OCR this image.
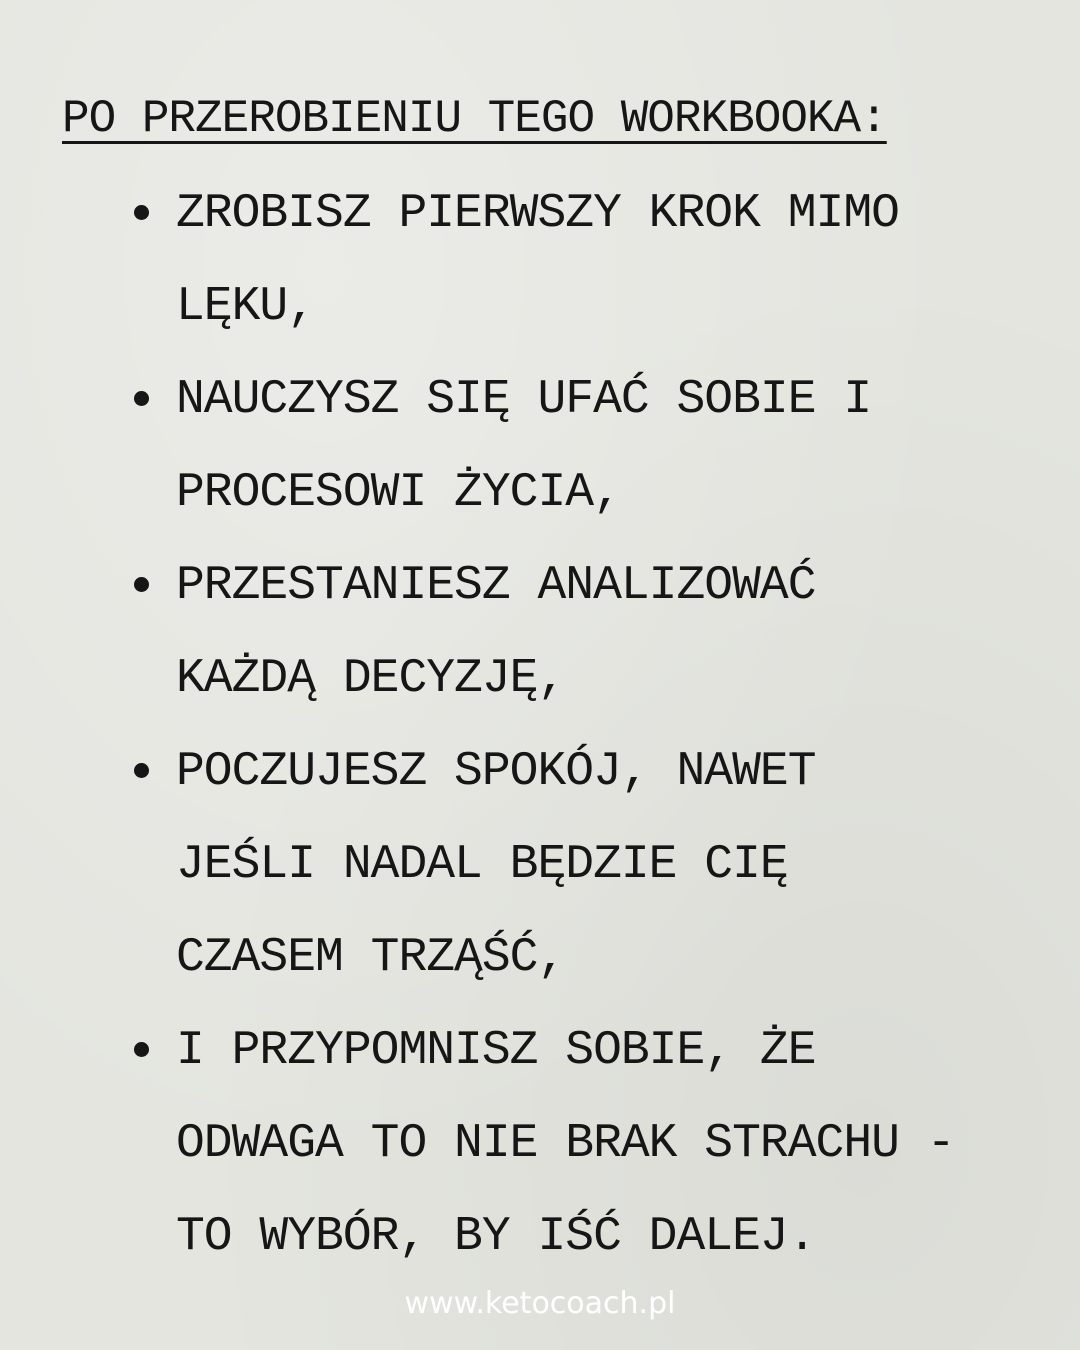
PO PRZEROBIENIU TEGO WORKBOOKA:
ZROBISZ PIERWSZY KROK MIMO
LĘKU,
NAUCZYSZ SIĘ UFAĆ SOBIE I
PROCESOWI ŻYCIA,
PRZESTANIESZ ANALIZOWAĆ
KAŻDĄ DECYZJĘ,
POCZUJESZ SPOKÓJ, NAWET
JEŚLI NADAL BĘDZIE CIĘ
CZASEM TRZĄŚĆ,
I PRZYPOMNISZ SOBIE, ŻE
ODWAGA TO NIE BRAK STRACHU -
TO WYBÓR, BY IŚĆ DALEJ.
www.ketocoach.pl
